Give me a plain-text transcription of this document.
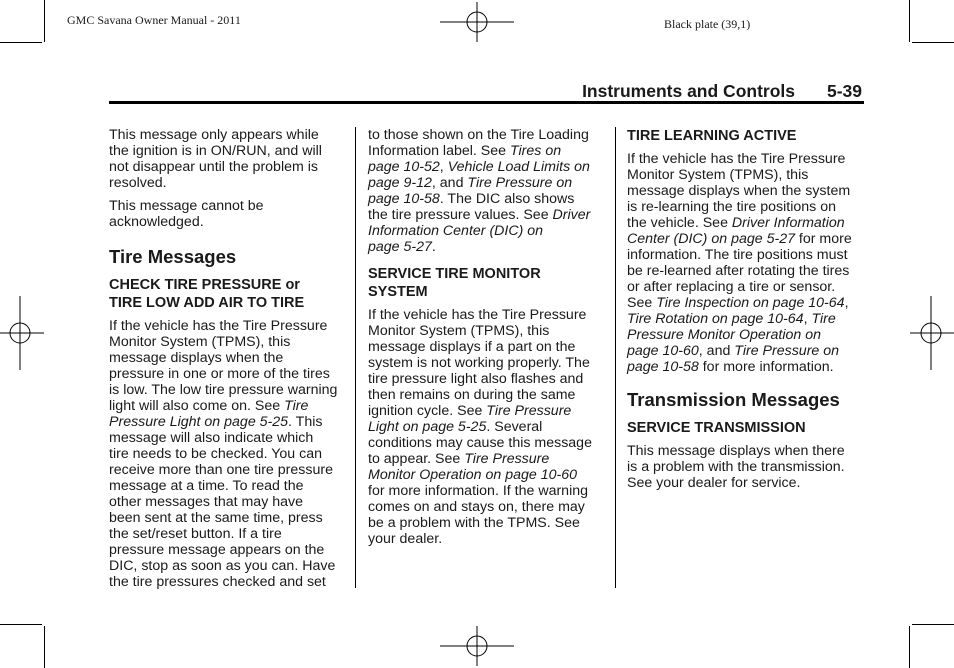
GMC Savana Owner Manual - 2011	Black plate (39,1)
Instruments and Controls 5-39

This message only appears while
the ignition is in ON/RUN, and will
not disappear until the problem is
resolved.

This message cannot be
acknowledged.

Tire Messages
CHECK TIRE PRESSURE or
TIRE LOW ADD AIR TO TIRE

If the vehicle has the Tire Pressure
Monitor System (TPMS), this
message displays when the
pressure in one or more of the tires
is low. The low tire pressure warning
light will also come on. See Tire
Pressure Light on page 5-25. This
message will also indicate which
tire needs to be checked. You can
receive more than one tire pressure
message at a time. To read the
other messages that may have
been sent at the same time, press
the set/reset button. If a tire
pressure message appears on the
DIC, stop as soon as you can. Have
the tire pressures checked and set

to those shown on the Tire Loading
Information label. See Tires on
page 10-52, Vehicle Load Limits on
page 9-12, and Tire Pressure on
page 10-58. The DIC also shows
the tire pressure values. See Driver
Information Center (DIC) on
page 5-27.

SERVICE TIRE MONITOR
SYSTEM

If the vehicle has the Tire Pressure
Monitor System (TPMS), this
message displays if a part on the
system is not working properly. The
tire pressure light also flashes and
then remains on during the same
ignition cycle. See Tire Pressure
Light on page 5-25. Several
conditions may cause this message
to appear. See Tire Pressure
Monitor Operation on page 10-60
for more information. If the warning
comes on and stays on, there may
be a problem with the TPMS. See
your dealer.

TIRE LEARNING ACTIVE

If the vehicle has the Tire Pressure
Monitor System (TPMS), this
message displays when the system
is re-learning the tire positions on
the vehicle. See Driver Information
Center (DIC) on page 5-27 for more
information. The tire positions must
be re-learned after rotating the tires
or after replacing a tire or sensor.
See Tire Inspection on page 10-64,
Tire Rotation on page 10-64, Tire
Pressure Monitor Operation on
page 10-60, and Tire Pressure on
page 10-58 for more information.

Transmission Messages
SERVICE TRANSMISSION

This message displays when there
is a problem with the transmission.
See your dealer for service.
